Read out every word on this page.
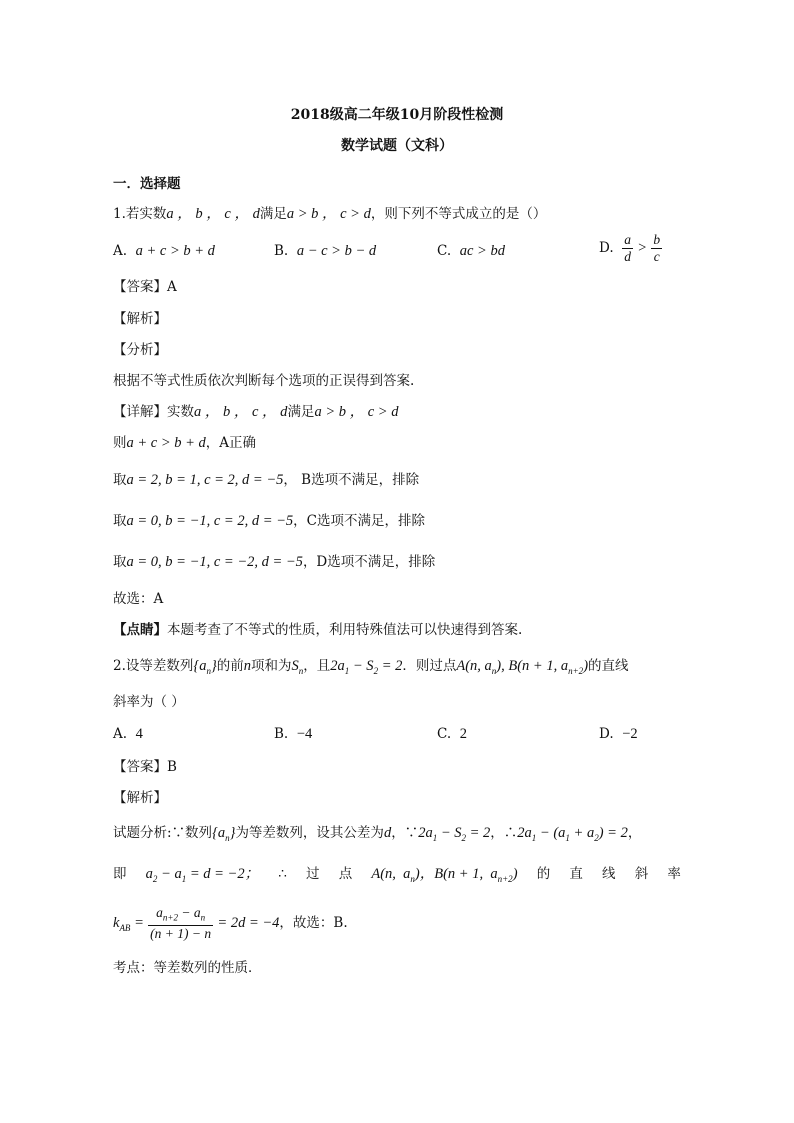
2018级高二年级10月阶段性检测
数学试题（文科）
一．选择题
1.若实数a ， b ， c ， d满足a > b ， c > d，则下列不等式成立的是（）
A. a + c > b + d	B. a − c > b − d	C. ac > bd	D. $\frac{a}{d} > \frac{b}{c}$
【答案】A
【解析】
【分析】
根据不等式性质依次判断每个选项的正误得到答案.
【详解】实数a ， b ， c ， d满足a > b ， c > d
则a + c > b + d，A正确
取a = 2, b = 1, c = 2, d = −5， B选项不满足，排除
取a = 0, b = −1, c = 2, d = −5，C选项不满足，排除
取a = 0, b = −1, c = −2, d = −5，D选项不满足，排除
故选：A
【点睛】本题考查了不等式的性质，利用特殊值法可以快速得到答案.
2.设等差数列$\{a_n\}$的前n项和为$S_n$，且$2a_1 - S_2 = 2$．则过点A(n, $a_n$), B(n + 1, $a_{n+2}$)的直线
斜率为（ ）
A. 4	B. −4	C. 2	D. −2
【答案】B
【解析】
试题分析:∵数列$\{a_n\}$为等差数列，设其公差为d，$\because 2a_1 - S_2 = 2$，$\therefore 2a_1 - (a_1 + a_2) = 2$，
即 $a_2 - a_1 = d = -2$； ∴ 过 点 A(n,  $a_n$)，B(n + 1,  $a_{n+2}$) 的 直 线 斜 率
$k_{AB} = \frac{a_{n+2} - a_n}{(n + 1) - n} = 2d = -4$，故选：B.
考点：等差数列的性质．
